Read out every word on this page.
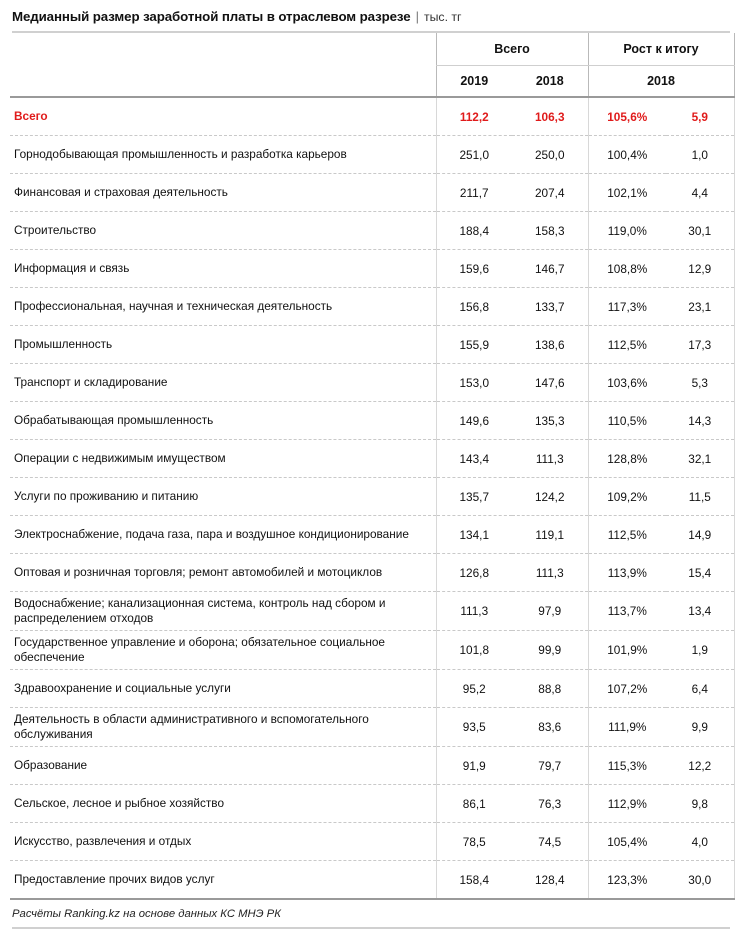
Медианный размер заработной платы в отраслевом разрезе | тыс. тг
	Всего		Рост к итогу	
	2019	2018	2018	
Всего	112,2	106,3	105,6%	5,9
Горнодобывающая промышленность и разработка карьеров	251,0	250,0	100,4%	1,0
Финансовая и страховая деятельность	211,7	207,4	102,1%	4,4
Строительство	188,4	158,3	119,0%	30,1
Информация и связь	159,6	146,7	108,8%	12,9
Профессиональная, научная и техническая деятельность	156,8	133,7	117,3%	23,1
Промышленность	155,9	138,6	112,5%	17,3
Транспорт и складирование	153,0	147,6	103,6%	5,3
Обрабатывающая промышленность	149,6	135,3	110,5%	14,3
Операции с недвижимым имуществом	143,4	111,3	128,8%	32,1
Услуги по проживанию и питанию	135,7	124,2	109,2%	11,5
Электроснабжение, подача газа, пара и воздушное кондиционирование	134,1	119,1	112,5%	14,9
Оптовая и розничная торговля; ремонт автомобилей и мотоциклов	126,8	111,3	113,9%	15,4
Водоснабжение; канализационная система, контроль над сбором и распределением отходов	111,3	97,9	113,7%	13,4
Государственное управление и оборона; обязательное социальное обеспечение	101,8	99,9	101,9%	1,9
Здравоохранение и социальные услуги	95,2	88,8	107,2%	6,4
Деятельность в области административного и вспомогательного обслуживания	93,5	83,6	111,9%	9,9
Образование	91,9	79,7	115,3%	12,2
Сельское, лесное и рыбное хозяйство	86,1	76,3	112,9%	9,8
Искусство, развлечения и отдых	78,5	74,5	105,4%	4,0
Предоставление прочих видов услуг	158,4	128,4	123,3%	30,0
Расчёты Ranking.kz на основе данных КС МНЭ РК
